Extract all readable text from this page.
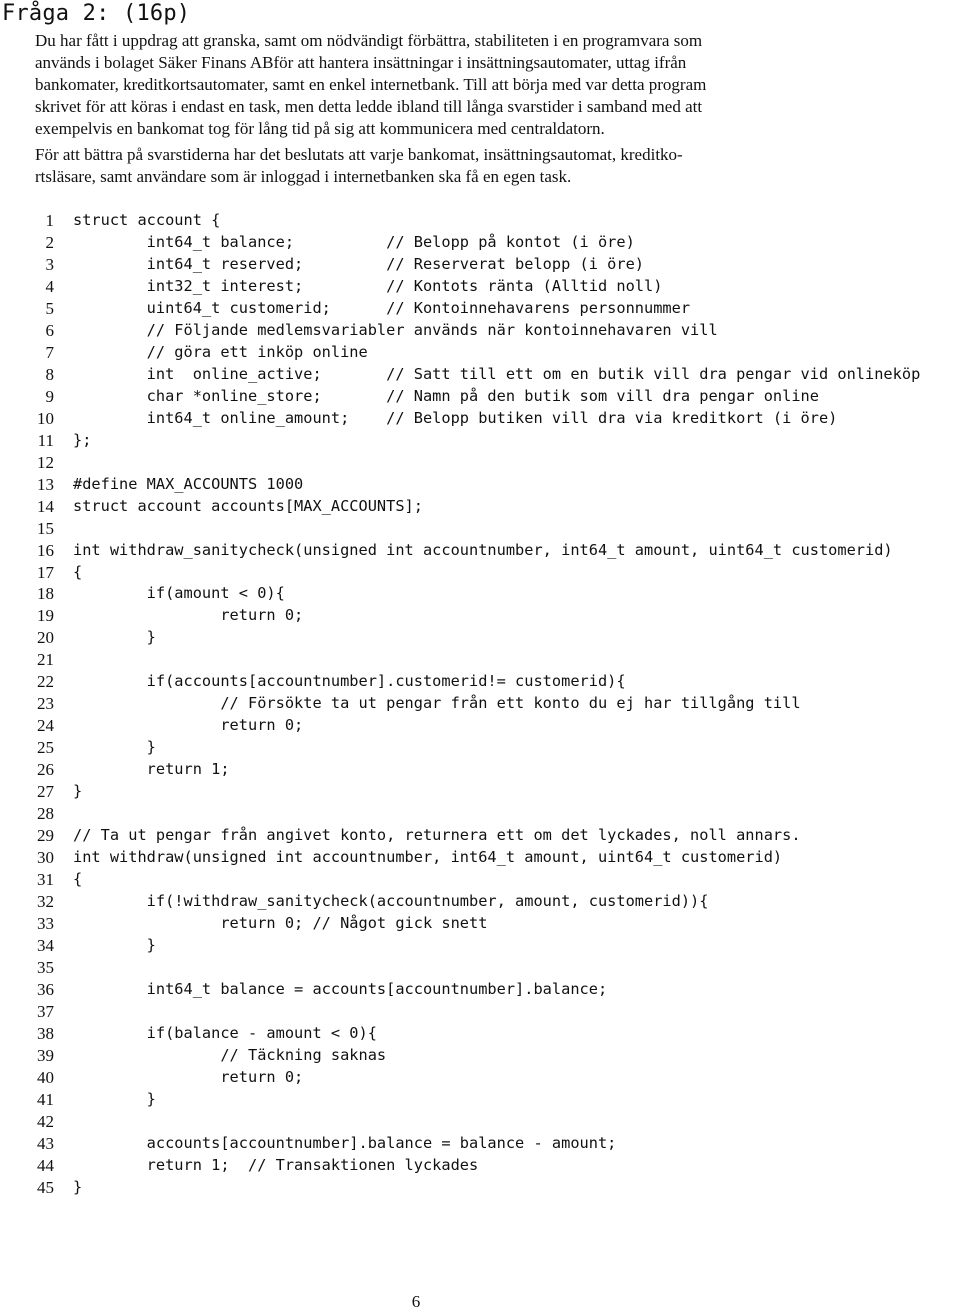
Fråga 2: (16p)
Du har fått i uppdrag att granska, samt om nödvändigt förbättra, stabiliteten i en programvara som
används i bolaget Säker Finans ABför att hantera insättningar i insättningsautomater, uttag ifrån
bankomater, kreditkortsautomater, samt en enkel internetbank. Till att börja med var detta program
skrivet för att köras i endast en task, men detta ledde ibland till långa svarstider i samband med att
exempelvis en bankomat tog för lång tid på sig att kommunicera med centraldatorn.
För att bättra på svarstiderna har det beslutats att varje bankomat, insättningsautomat, kreditko-
rtsläsare, samt användare som är inloggad i internetbanken ska få en egen task.
1 struct account {
2 int64_t balance;          // Belopp på kontot (i öre)
3 int64_t reserved;         // Reserverat belopp (i öre)
4 int32_t interest;         // Kontots ränta (Alltid noll)
5 uint64_t customerid;      // Kontoinnehavarens personnummer
6 // Följande medlemsvariabler används när kontoinnehavaren vill
7 // göra ett inköp online
8 int  online_active;       // Satt till ett om en butik vill dra pengar vid onlineköp
9 char *online_store;       // Namn på den butik som vill dra pengar online
10 int64_t online_amount;    // Belopp butiken vill dra via kreditkort (i öre)
11 };
12
13 #define MAX_ACCOUNTS 1000
14 struct account accounts[MAX_ACCOUNTS];
15
16 int withdraw_sanitycheck(unsigned int accountnumber, int64_t amount, uint64_t customerid)
17 {
18 if(amount < 0){
19 return 0;
20 }
21
22 if(accounts[accountnumber].customerid!= customerid){
23 // Försökte ta ut pengar från ett konto du ej har tillgång till
24 return 0;
25 }
26 return 1;
27 }
28
29 // Ta ut pengar från angivet konto, returnera ett om det lyckades, noll annars.
30 int withdraw(unsigned int accountnumber, int64_t amount, uint64_t customerid)
31 {
32 if(!withdraw_sanitycheck(accountnumber, amount, customerid)){
33 return 0; // Något gick snett
34 }
35
36 int64_t balance = accounts[accountnumber].balance;
37
38 if(balance - amount < 0){
39 // Täckning saknas
40 return 0;
41 }
42
43 accounts[accountnumber].balance = balance - amount;
44 return 1;  // Transaktionen lyckades
45 }
6
